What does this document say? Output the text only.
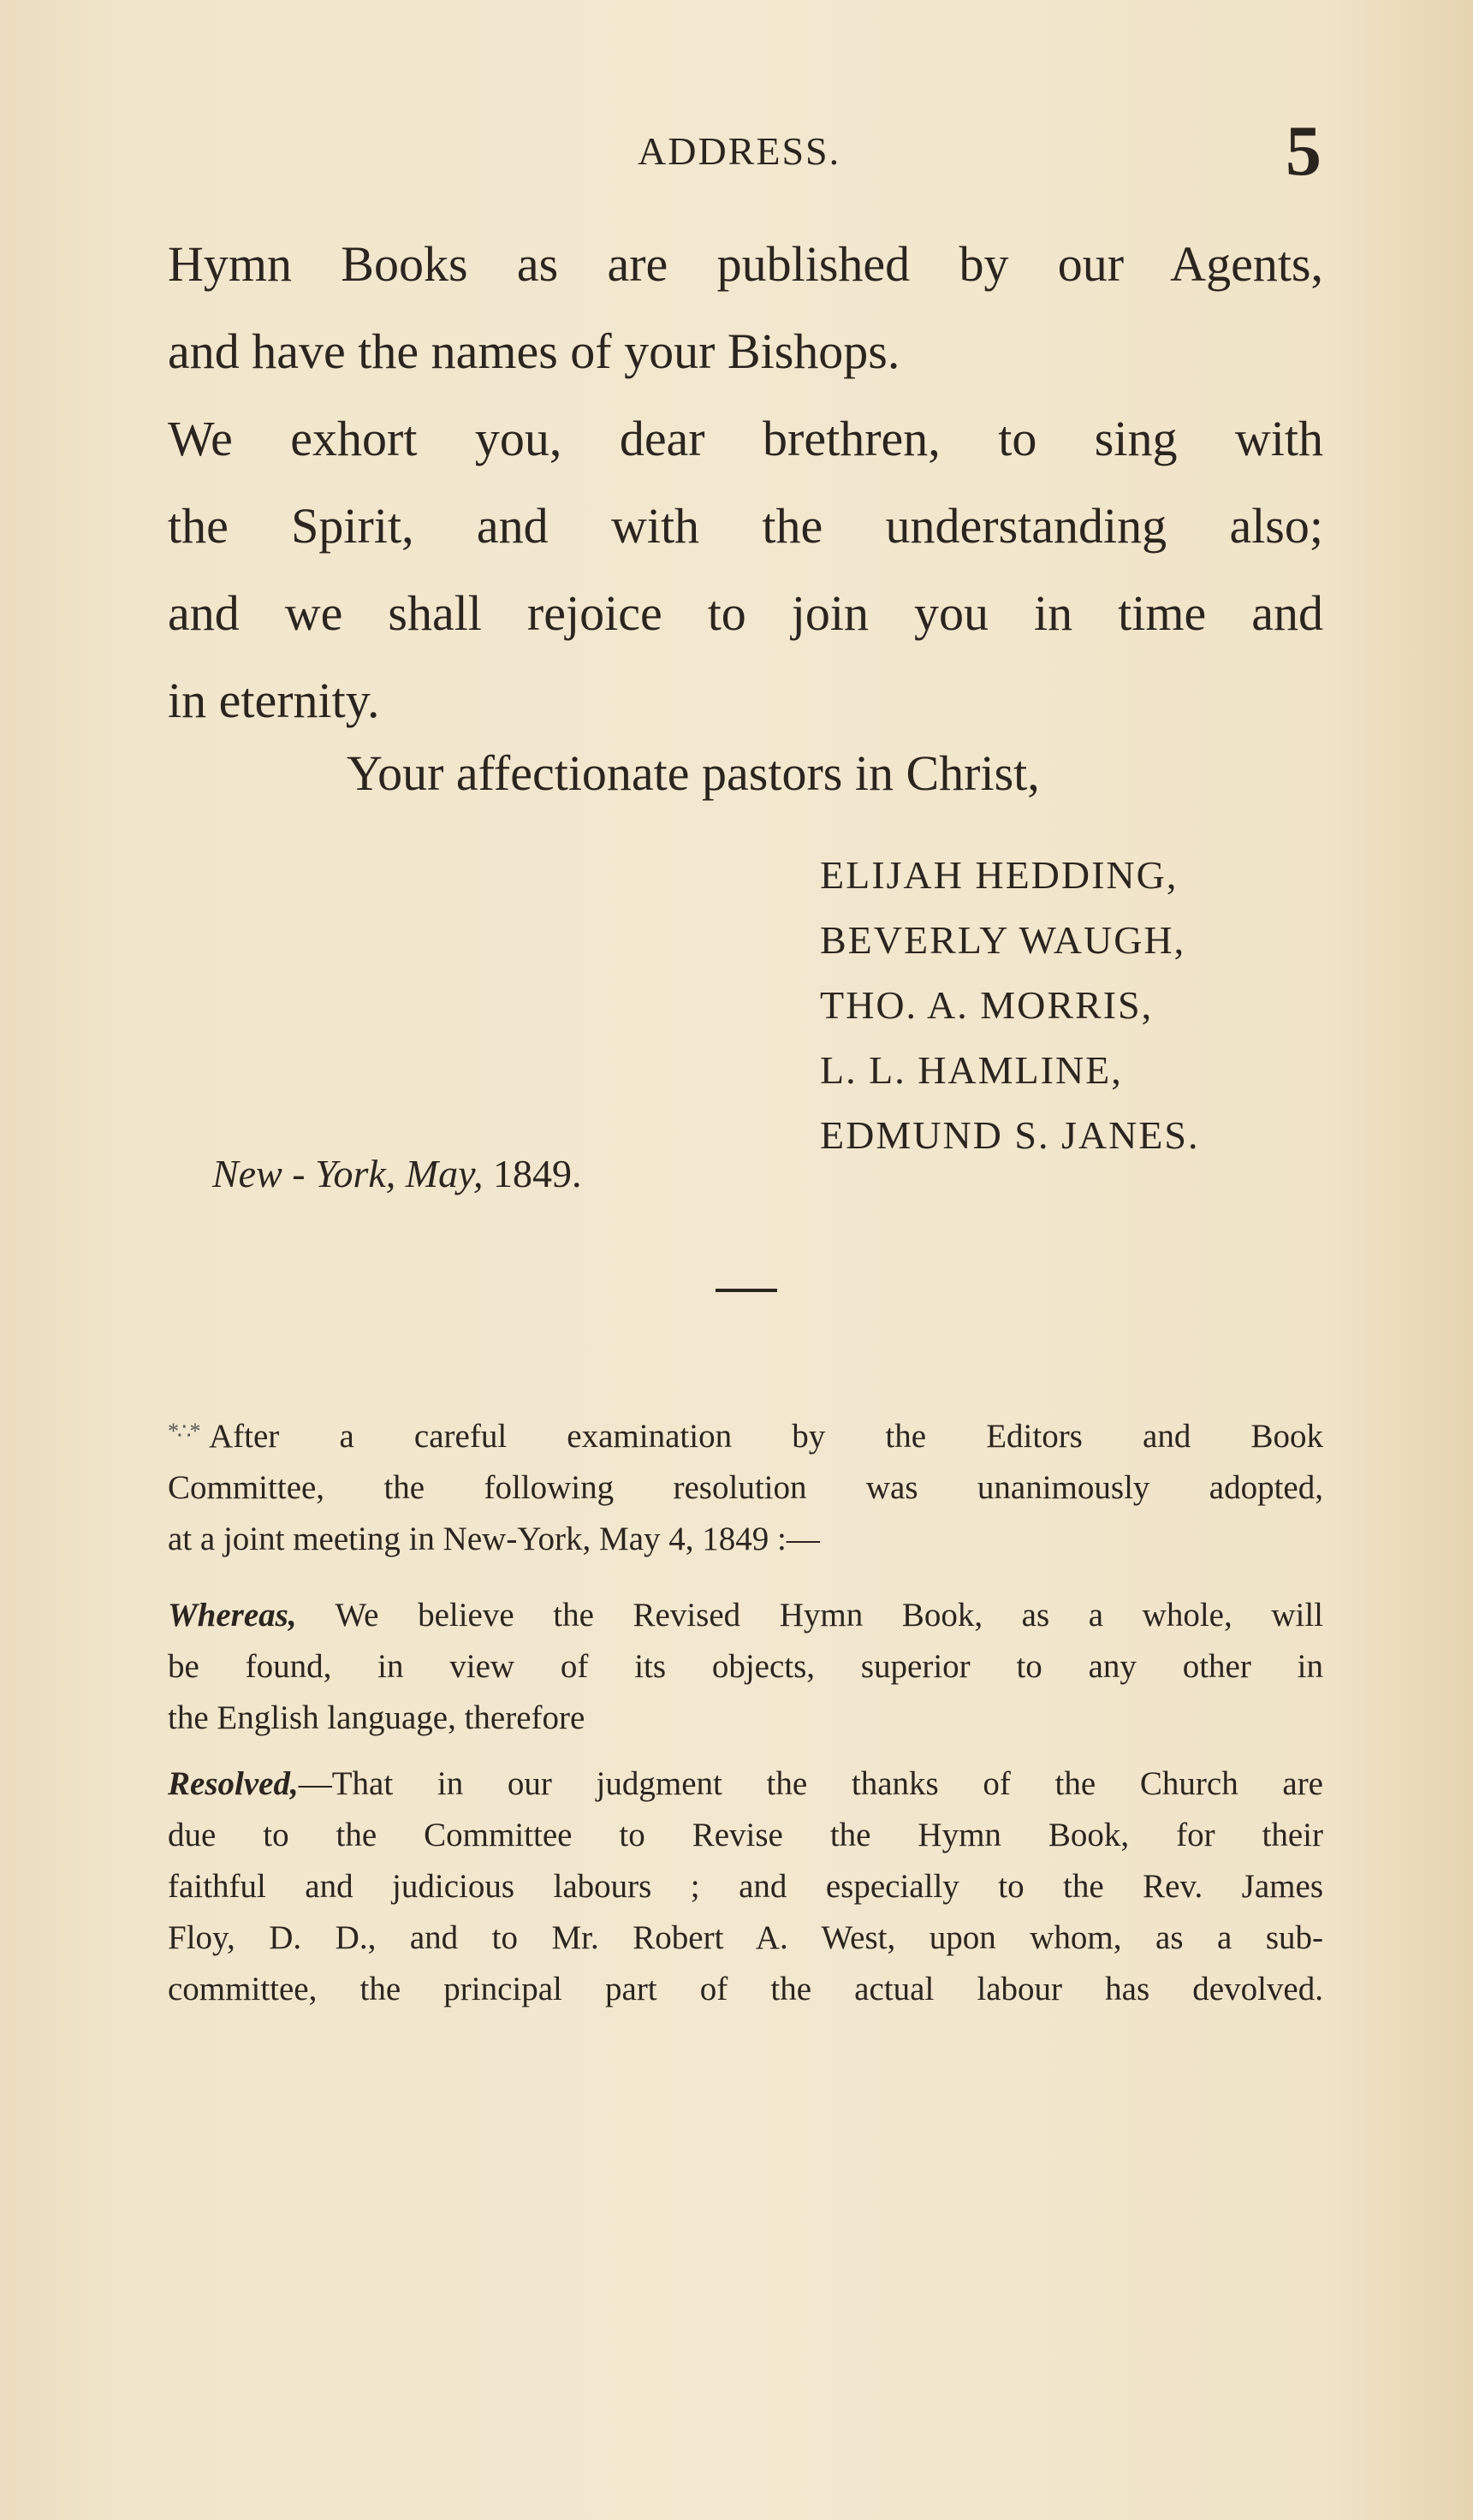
ADDRESS.	5
Hymn Books as are published by our Agents,
and have the names of your Bishops.
We exhort you, dear brethren, to sing with
the Spirit, and with the understanding also;
and we shall rejoice to join you in time and
in eternity.
Your affectionate pastors in Christ,
ELIJAH HEDDING,
BEVERLY WAUGH,
THO. A. MORRIS,
L. L. HAMLINE,
EDMUND S. JANES.
New - York, May, 1849.
*∴* After a careful examination by the Editors and Book
Committee, the following resolution was unanimously adopted,
at a joint meeting in New-York, May 4, 1849 :—
Whereas, We believe the Revised Hymn Book, as a whole, will
be found, in view of its objects, superior to any other in
the English language, therefore
Resolved,—That in our judgment the thanks of the Church are
due to the Committee to Revise the Hymn Book, for their
faithful and judicious labours ; and especially to the Rev. James
Floy, D. D., and to Mr. Robert A. West, upon whom, as a sub-
committee, the principal part of the actual labour has devolved.
